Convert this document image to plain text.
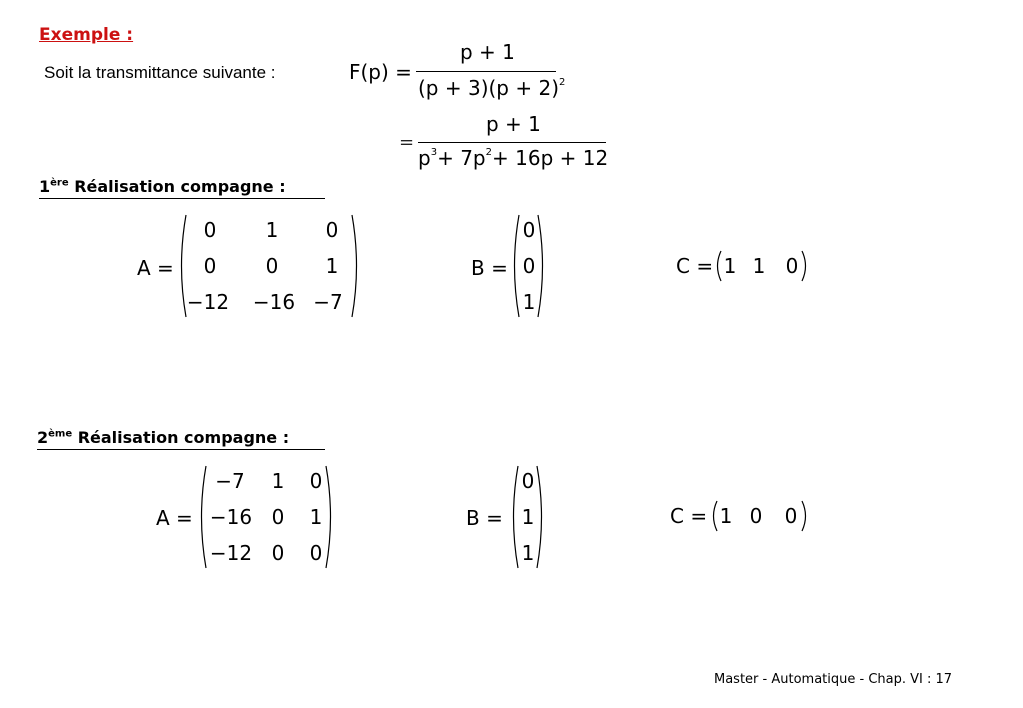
Exemple :
Soit la transmittance suivante :	F(p) =
p + 1
$(p + 3)(p + 2)^2$
=
p + 1
$p^3+ 7p^2+ 16p + 12$
1ère Réalisation compagne :
A =
0	1	0
0	0	1
−12	−16 −7
B =
0
0
1
C = 1 1 0
2ème Réalisation compagne :
A =
−7	1 0
−16 0 1
−12 0 0
B =
0
1
1
C = 1 0 0
Master - Automatique - Chap. VI : 17
